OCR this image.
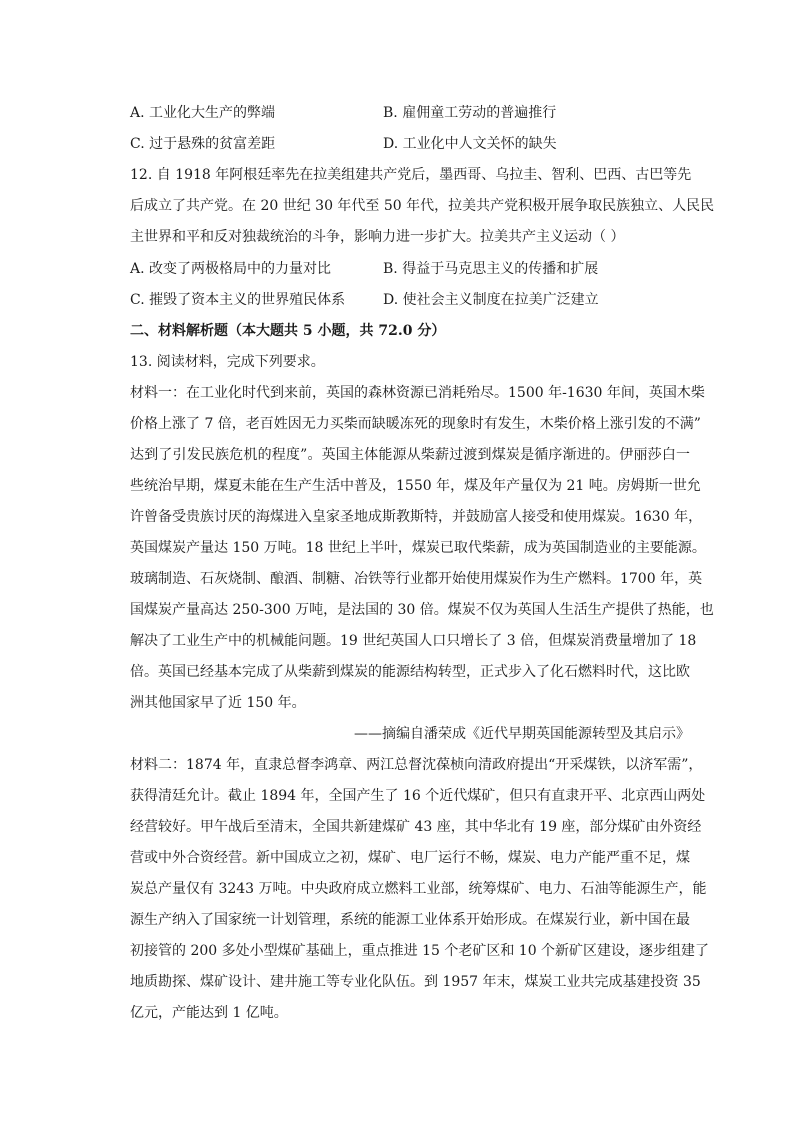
A. 工业化大生产的弊端	B. 雇佣童工劳动的普遍推行
C. 过于悬殊的贫富差距	D. 工业化中人文关怀的缺失
12. 自 1918 年阿根廷率先在拉美组建共产党后，墨西哥、乌拉圭、智利、巴西、古巴等先
后成立了共产党。在 20 世纪 30 年代至 50 年代，拉美共产党积极开展争取民族独立、人民民
主世界和平和反对独裁统治的斗争，影响力进一步扩大。拉美共产主义运动（ ）
A. 改变了两极格局中的力量对比	B. 得益于马克思主义的传播和扩展
C. 摧毁了资本主义的世界殖民体系	D. 使社会主义制度在拉美广泛建立
二、材料解析题（本大题共 5 小题，共 72.0 分）
13. 阅读材料，完成下列要求。
材料一：在工业化时代到来前，英国的森林资源已消耗殆尽。1500 年-1630 年间，英国木柴
价格上涨了 7 倍，老百姓因无力买柴而缺暖冻死的现象时有发生，木柴价格上涨引发的不满”
达到了引发民族危机的程度”。英国主体能源从柴薪过渡到煤炭是循序渐进的。伊丽莎白一
些统治早期，煤夏未能在生产生活中普及，1550 年，煤及年产量仅为 21 吨。房姆斯一世允
许曾备受贵族讨厌的海煤进入皇家圣地成斯教斯特，并鼓励富人接受和使用煤炭。1630 年，
英国煤炭产量达 150 万吨。18 世纪上半叶，煤炭已取代柴薪，成为英国制造业的主要能源。
玻璃制造、石灰烧制、酿酒、制糖、冶铁等行业都开始使用煤炭作为生产燃料。1700 年，英
国煤炭产量高达 250-300 万吨，是法国的 30 倍。煤炭不仅为英国人生活生产提供了热能，也
解决了工业生产中的机械能问题。19 世纪英国人口只增长了 3 倍，但煤炭消费量增加了 18
倍。英国已经基本完成了从柴薪到煤炭的能源结构转型，正式步入了化石燃料时代，这比欧
洲其他国家早了近 150 年。
——摘编自潘荣成《近代早期英国能源转型及其启示》
材料二：1874 年，直隶总督李鸿章、两江总督沈葆桢向清政府提出“开采煤铁，以济军需”，
获得清廷允计。截止 1894 年，全国产生了 16 个近代煤矿，但只有直隶开平、北京西山两处
经营较好。甲午战后至清末，全国共新建煤矿 43 座，其中华北有 19 座，部分煤矿由外资经
营或中外合资经营。新中国成立之初，煤矿、电厂运行不畅，煤炭、电力产能严重不足，煤
炭总产量仅有 3243 万吨。中央政府成立燃料工业部，统筹煤矿、电力、石油等能源生产，能
源生产纳入了国家统一计划管理，系统的能源工业体系开始形成。在煤炭行业，新中国在最
初接管的 200 多处小型煤矿基础上，重点推进 15 个老矿区和 10 个新矿区建设，逐步组建了
地质勘探、煤矿设计、建井施工等专业化队伍。到 1957 年末，煤炭工业共完成基建投资 35
亿元，产能达到 1 亿吨。
